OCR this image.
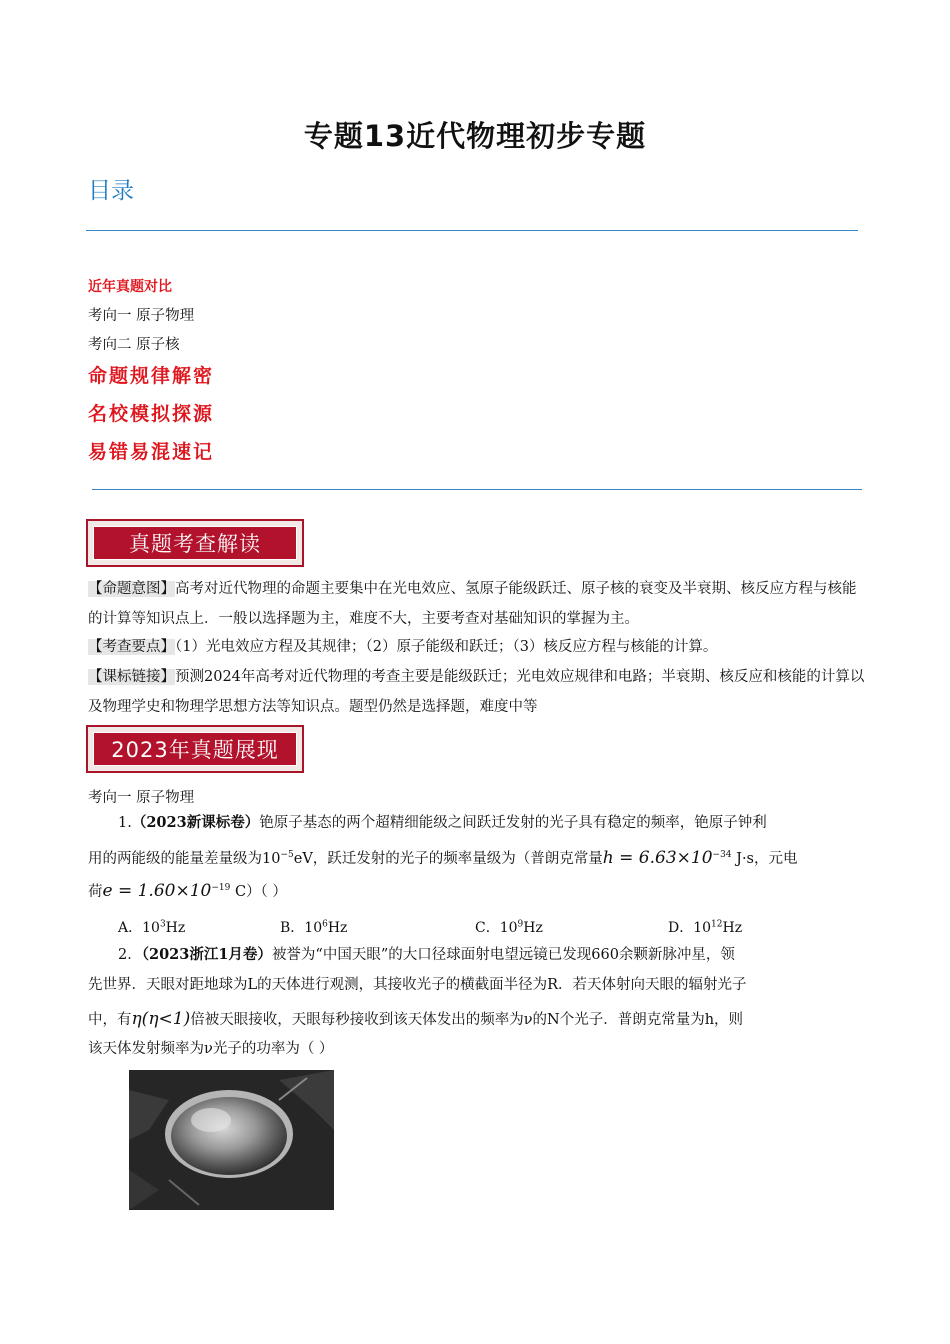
专题13近代物理初步专题
目录
近年真题对比
考向一 原子物理
考向二 原子核
命题规律解密
名校模拟探源
易错易混速记
真题考查解读
【命题意图】高考对近代物理的命题主要集中在光电效应、氢原子能级跃迁、原子核的衰变及半衰期、核反应方程与核能的计算等知识点上．一般以选择题为主，难度不大，主要考查对基础知识的掌握为主。
【考查要点】（1）光电效应方程及其规律；（2）原子能级和跃迁；（3）核反应方程与核能的计算。
【课标链接】预测2024年高考对近代物理的考查主要是能级跃迁；光电效应规律和电路；半衰期、核反应和核能的计算以及物理学史和物理学思想方法等知识点。题型仍然是选择题，难度中等
2023年真题展现
考向一 原子物理
1.（2023新课标卷）铯原子基态的两个超精细能级之间跃迁发射的光子具有稳定的频率，铯原子钟利
用的两能级的能量差量级为$10^{-5}eV$，跃迁发射的光子的频率量级为（普朗克常量$h = 6.63\times 10^{-34}$ J·s，元电
荷$e = 1.60\times 10^{-19}$ C）（ ）
A．$10^3Hz$	B．$10^6Hz$	C．$10^9Hz$	D．$10^{12}Hz$
2．（2023浙江1月卷）被誉为“中国天眼”的大口径球面射电望远镜已发现660余颗新脉冲星，领
先世界．天眼对距地球为L的天体进行观测，其接收光子的横截面半径为R．若天体射向天眼的辐射光子
中，有η(η<1)倍被天眼接收，天眼每秒接收到该天体发出的频率为ν的N个光子．普朗克常量为h，则
该天体发射频率为ν光子的功率为（ ）
